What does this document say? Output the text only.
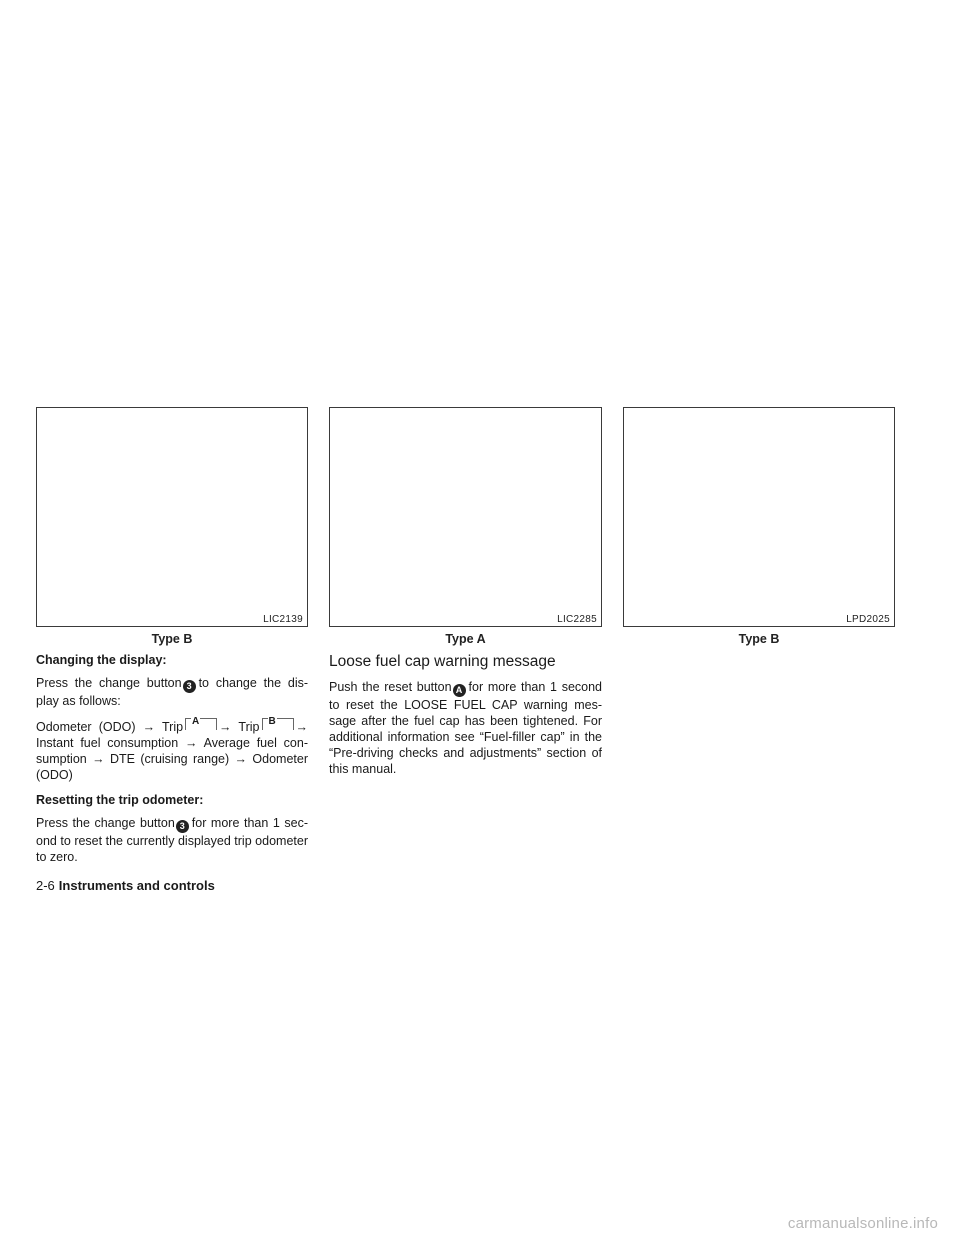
LIC2139
Type B
LIC2285
Type A
LPD2025
Type B

Changing the display:

Press the change button 3 to change the dis-play as follows:

Odometer (ODO) → Trip A → Trip B → Instant fuel consumption → Average fuel con-sumption → DTE (cruising range) → Odometer (ODO)

Resetting the trip odometer:

Press the change button 3 for more than 1 sec-ond to reset the currently displayed trip odometer to zero.

Loose fuel cap warning message

Push the reset button A for more than 1 second to reset the LOOSE FUEL CAP warning mes-sage after the fuel cap has been tightened. For additional information see “Fuel-filler cap” in the “Pre-driving checks and adjustments” section of this manual.

2-6 Instruments and controls
carmanualsonline.info
